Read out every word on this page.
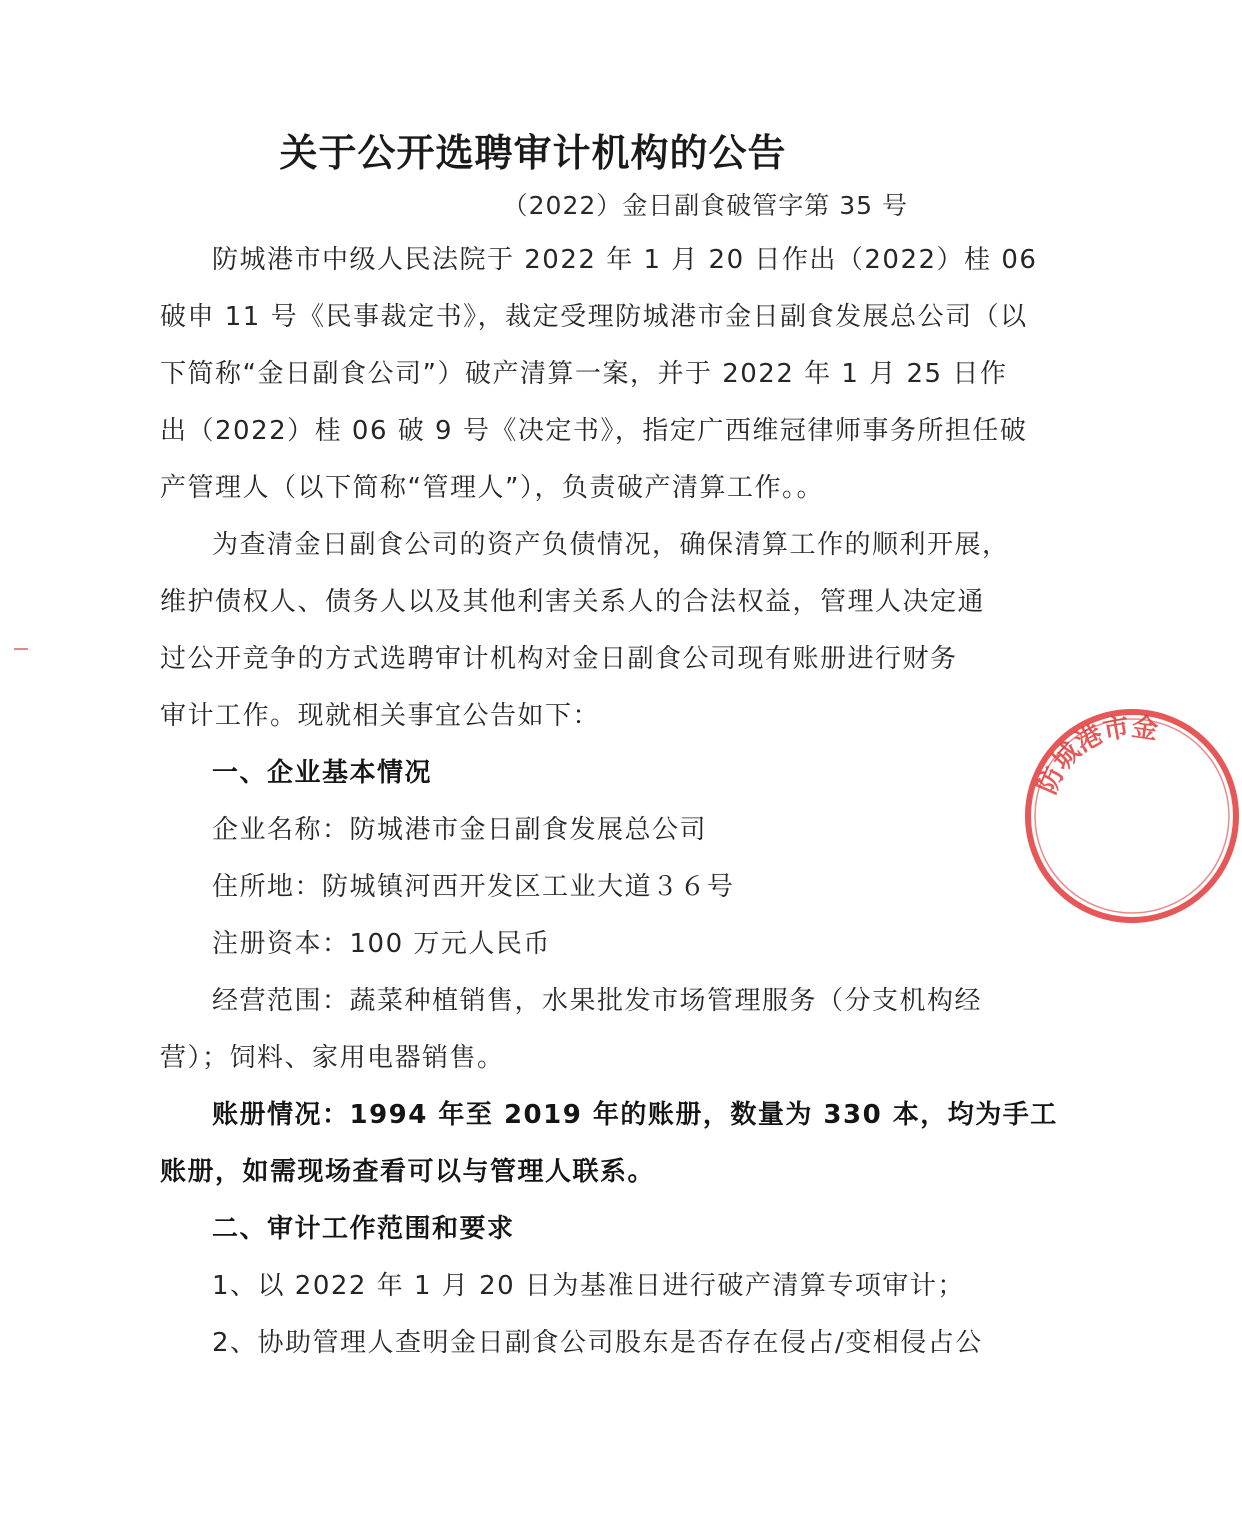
关于公开选聘审计机构的公告
（2022）金日副食破管字第 35 号
防城港市中级人民法院于 2022 年 1 月 20 日作出（2022）桂 06
破申 11 号《民事裁定书》，裁定受理防城港市金日副食发展总公司（以
下简称“金日副食公司”）破产清算一案，并于 2022 年 1 月 25 日作
出（2022）桂 06 破 9 号《决定书》，指定广西维冠律师事务所担任破
产管理人（以下简称“管理人”），负责破产清算工作。。
为查清金日副食公司的资产负债情况，确保清算工作的顺利开展，
维护债权人、债务人以及其他利害关系人的合法权益，管理人决定通
过公开竞争的方式选聘审计机构对金日副食公司现有账册进行财务
审计工作。现就相关事宜公告如下：
一、企业基本情况
企业名称：防城港市金日副食发展总公司
住所地：防城镇河西开发区工业大道３６号
注册资本：100 万元人民币
经营范围：蔬菜种植销售，水果批发市场管理服务（分支机构经
营）；饲料、家用电器销售。
账册情况：1994 年至 2019 年的账册，数量为 330 本，均为手工
账册，如需现场查看可以与管理人联系。
二、审计工作范围和要求
1、以 2022 年 1 月 20 日为基准日进行破产清算专项审计；
2、协助管理人查明金日副食公司股东是否存在侵占/变相侵占公
防城港市金
